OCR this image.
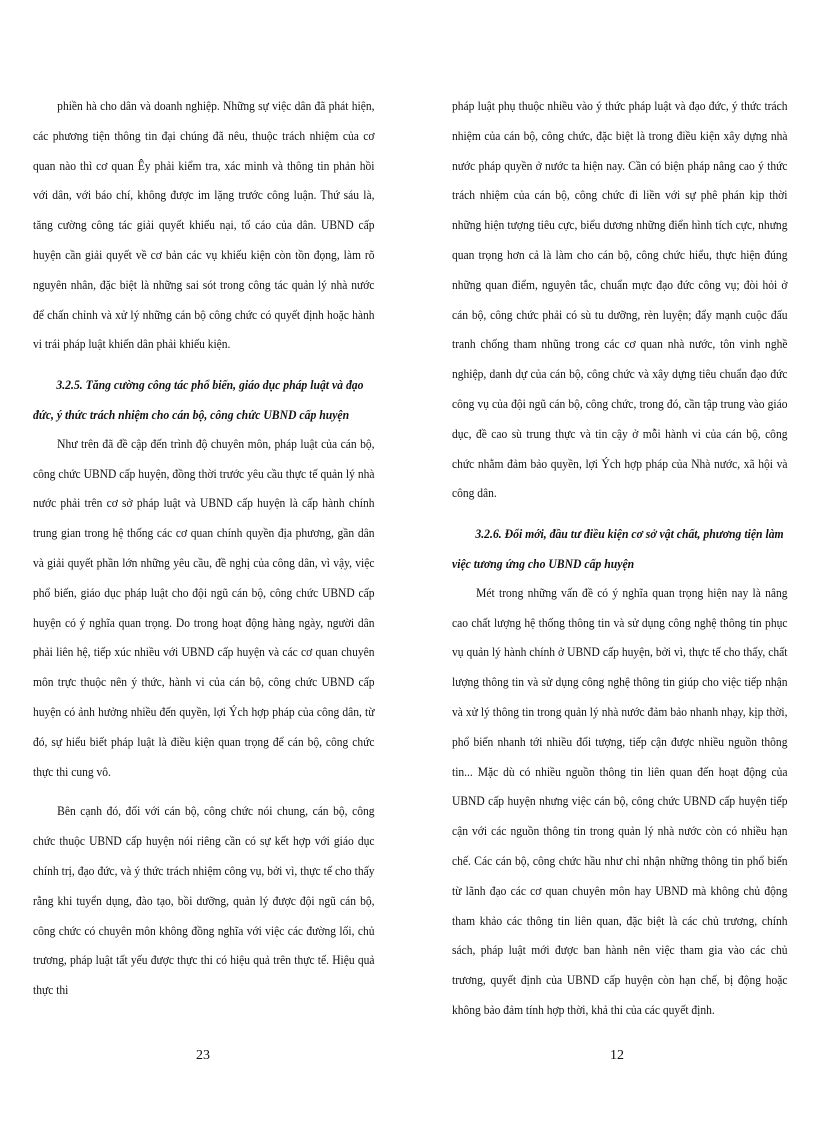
phiền hà cho dân và doanh nghiệp. Những sự việc dân đã phát hiện, các phương tiện thông tin đại chúng đã nêu, thuộc trách nhiệm của cơ quan nào thì cơ quan Êy phải kiểm tra, xác minh và thông tin phản hồi với dân, với báo chí, không được im lặng trước công luận. Thứ sáu là, tăng cường công tác giải quyết khiếu nại, tố cáo của dân. UBND cấp huyện cần giải quyết về cơ bản các vụ khiếu kiện còn tồn đọng, làm rõ nguyên nhân, đặc biệt là những sai sót trong công tác quản lý nhà nước để chấn chỉnh và xử lý những cán bộ công chức có quyết định hoặc hành vi trái pháp luật khiến dân phải khiếu kiện.

3.2.5. Tăng cường công tác phổ biến, giáo dục pháp luật và đạo đức, ý thức trách nhiệm cho cán bộ, công chức UBND cấp huyện

Như trên đã đề cập đến trình độ chuyên môn, pháp luật của cán bộ, công chức UBND cấp huyện, đồng thời trước yêu cầu thực tế quản lý nhà nước phải trên cơ sở pháp luật và UBND cấp huyện là cấp hành chính trung gian trong hệ thống các cơ quan chính quyền địa phương, gần dân và giải quyết phần lớn những yêu cầu, đề nghị của công dân, vì vậy, việc phổ biến, giáo dục pháp luật cho đội ngũ cán bộ, công chức UBND cấp huyện có ý nghĩa quan trọng. Do trong hoạt động hàng ngày, người dân phải liên hệ, tiếp xúc nhiều với UBND cấp huyện và các cơ quan chuyên môn trực thuộc nên ý thức, hành vi của cán bộ, công chức UBND cấp huyện có ảnh hưởng nhiều đến quyền, lợi Ých hợp pháp của công dân, từ đó, sự hiểu biết pháp luật là điều kiện quan trọng để cán bộ, công chức thực thi cung vô.

Bên cạnh đó, đối với cán bộ, công chức nói chung, cán bộ, công chức thuộc UBND cấp huyện nói riêng cần có sự kết hợp với giáo dục chính trị, đạo đức, và ý thức trách nhiệm công vụ, bởi vì, thực tế cho thấy rằng khi tuyển dụng, đào tạo, bồi dưỡng, quản lý được đội ngũ cán bộ, công chức có chuyên môn không đồng nghĩa với việc các đường lối, chủ trương, pháp luật tất yếu được thực thi có hiệu quả trên thực tế. Hiệu quả thực thi

pháp luật phụ thuộc nhiều vào ý thức pháp luật và đạo đức, ý thức trách nhiệm của cán bộ, công chức, đặc biệt là trong điều kiện xây dựng nhà nước pháp quyền ở nước ta hiện nay. Cần có biện pháp nâng cao ý thức trách nhiệm của cán bộ, công chức đi liền với sự phê phán kịp thời những hiện tượng tiêu cực, biểu dương những điển hình tích cực, nhưng quan trọng hơn cả là làm cho cán bộ, công chức hiểu, thực hiện đúng những quan điểm, nguyên tắc, chuẩn mực đạo đức công vụ; đòi hỏi ở cán bộ, công chức phải có sù tu dưỡng, rèn luyện; đẩy mạnh cuộc đấu tranh chống tham nhũng trong các cơ quan nhà nước, tôn vinh nghề nghiệp, danh dự của cán bộ, công chức và xây dựng tiêu chuẩn đạo đức công vụ của đội ngũ cán bộ, công chức, trong đó, cần tập trung vào giáo dục, đề cao sù trung thực và tin cậy ở mỗi hành vi của cán bộ, công chức nhằm đảm bảo quyền, lợi Ých hợp pháp của Nhà nước, xã hội và công dân.

3.2.6. Đổi mới, đầu tư điều kiện cơ sở vật chất, phương tiện làm việc tương ứng cho UBND cấp huyện

Mét trong những vấn đề có ý nghĩa quan trọng hiện nay là nâng cao chất lượng hệ thống thông tin và sử dụng công nghệ thông tin phục vụ quản lý hành chính ở UBND cấp huyện, bởi vì, thực tế cho thấy, chất lượng thông tin và sử dụng công nghệ thông tin giúp cho việc tiếp nhận và xử lý thông tin trong quản lý nhà nước đảm bảo nhanh nhạy, kịp thời, phổ biến nhanh tới nhiều đối tượng, tiếp cận được nhiều nguồn thông tin... Mặc dù có nhiều nguồn thông tin liên quan đến hoạt động của UBND cấp huyện nhưng việc cán bộ, công chức UBND cấp huyện tiếp cận với các nguồn thông tin trong quản lý nhà nước còn có nhiều hạn chế. Các cán bộ, công chức hầu như chỉ nhận những thông tin phổ biến từ lãnh đạo các cơ quan chuyên môn hay UBND mà không chủ động tham khảo các thông tin liên quan, đặc biệt là các chủ trương, chính sách, pháp luật mới được ban hành nên việc tham gia vào các chủ trương, quyết định của UBND cấp huyện còn hạn chế, bị động hoặc không bảo đảm tính hợp thời, khả thi của các quyết định.

23	12
